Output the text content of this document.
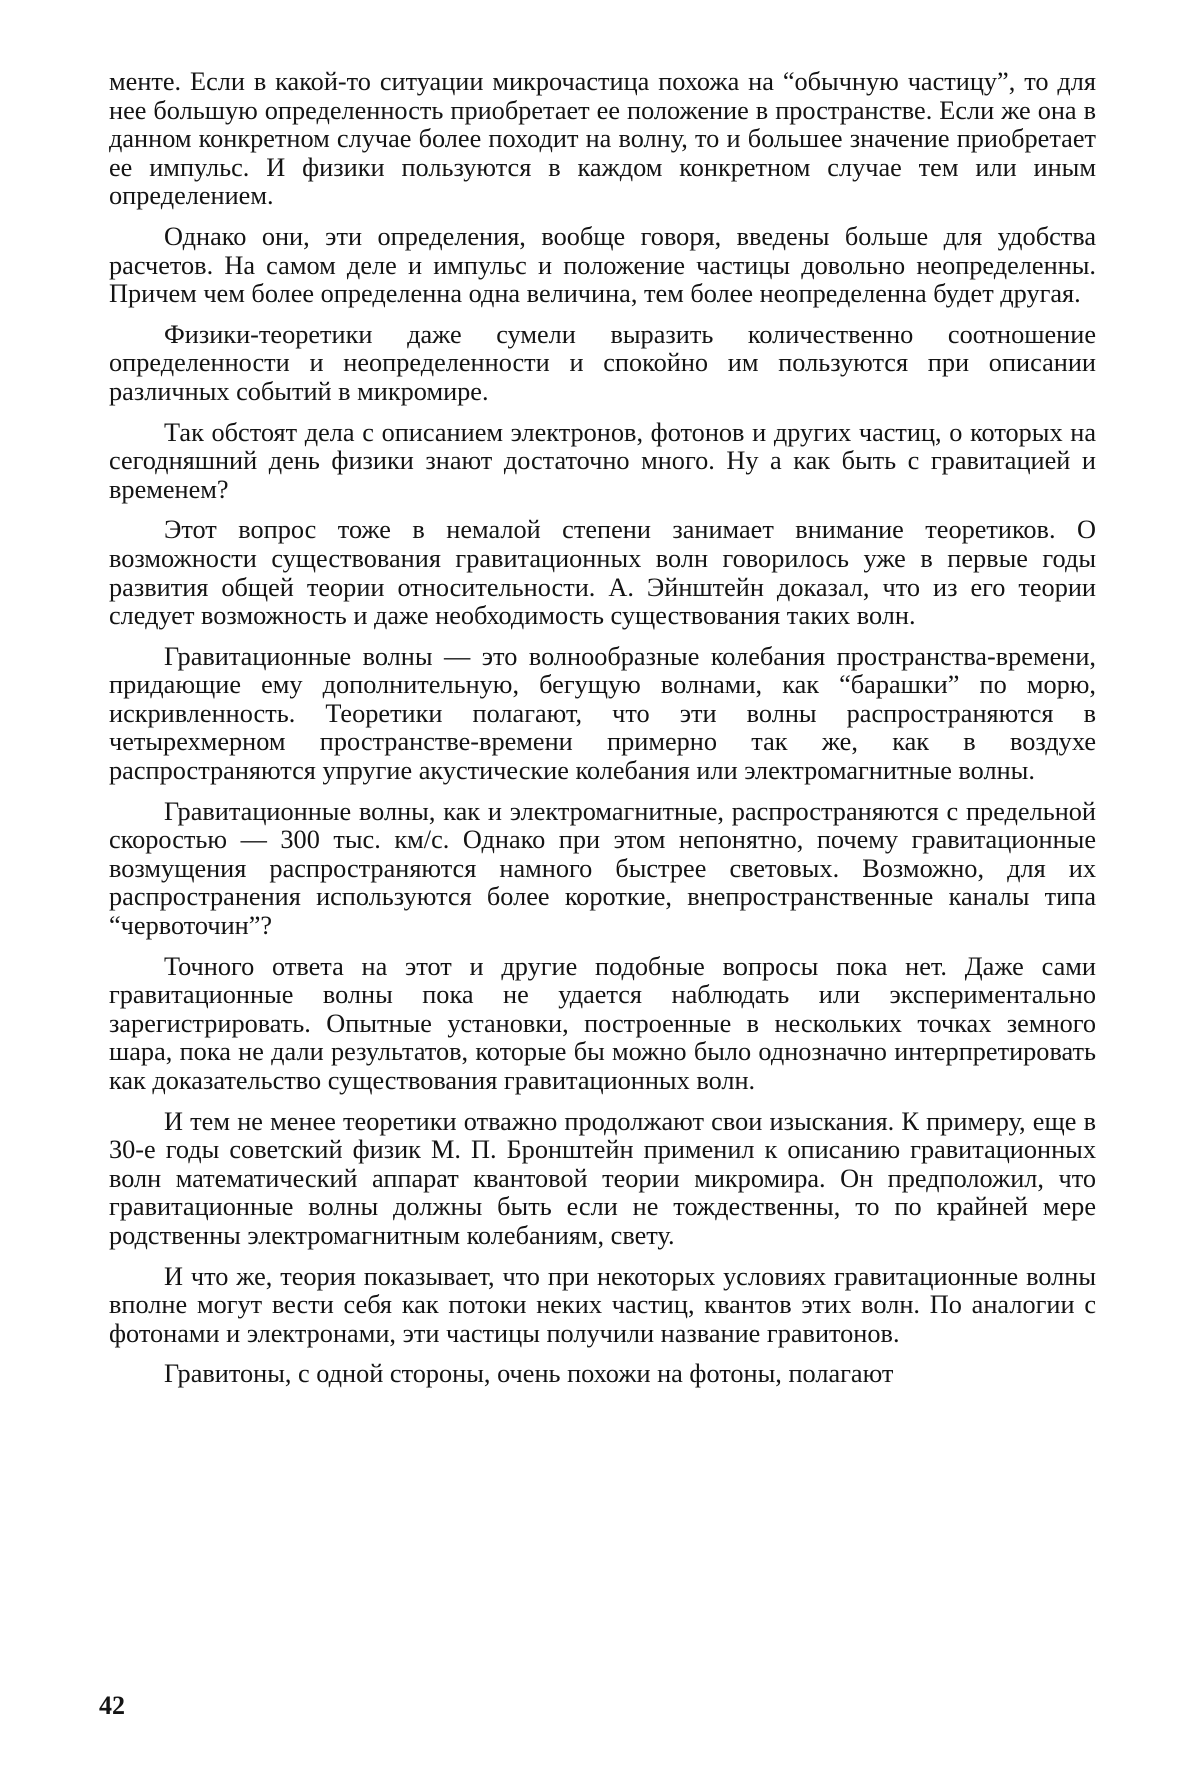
менте. Если в какой-то ситуации микрочастица похожа на “обычную частицу”, то для нее большую определенность приобретает ее положение в пространстве. Если же она в данном конкретном случае более походит на волну, то и большее значение приобретает ее импульс. И физики пользуются в каждом конкретном случае тем или иным определением.

Однако они, эти определения, вообще говоря, введены больше для удобства расчетов. На самом деле и импульс и положение частицы довольно неопределенны. Причем чем более определенна одна величина, тем более неопределенна будет другая.

Физики-теоретики даже сумели выразить количественно соотношение определенности и неопределенности и спокойно им пользуются при описании различных событий в микромире.

Так обстоят дела с описанием электронов, фотонов и других частиц, о которых на сегодняшний день физики знают достаточно много. Ну а как быть с гравитацией и временем?

Этот вопрос тоже в немалой степени занимает внимание теоретиков. О возможности существования гравитационных волн говорилось уже в первые годы развития общей теории относительности. А. Эйнштейн доказал, что из его теории следует возможность и даже необходимость существования таких волн.

Гравитационные волны — это волнообразные колебания пространства-времени, придающие ему дополнительную, бегущую волнами, как “барашки” по морю, искривленность. Теоретики полагают, что эти волны распространяются в четырехмерном пространстве-времени примерно так же, как в воздухе распространяются упругие акустические колебания или электромагнитные волны.

Гравитационные волны, как и электромагнитные, распространяются с предельной скоростью — 300 тыс. км/с. Однако при этом непонятно, почему гравитационные возмущения распространяются намного быстрее световых. Возможно, для их распространения используются более короткие, внепространственные каналы типа “червоточин”?

Точного ответа на этот и другие подобные вопросы пока нет. Даже сами гравитационные волны пока не удается наблюдать или экспериментально зарегистрировать. Опытные установки, построенные в нескольких точках земного шара, пока не дали результатов, которые бы можно было однозначно интерпретировать как доказательство существования гравитационных волн.

И тем не менее теоретики отважно продолжают свои изыскания. К примеру, еще в 30-е годы советский физик М. П. Бронштейн применил к описанию гравитационных волн математический аппарат квантовой теории микромира. Он предположил, что гравитационные волны должны быть если не тождественны, то по крайней мере родственны электромагнитным колебаниям, свету.

И что же, теория показывает, что при некоторых условиях гравитационные волны вполне могут вести себя как потоки неких частиц, квантов этих волн. По аналогии с фотонами и электронами, эти частицы получили название гравитонов.

Гравитоны, с одной стороны, очень похожи на фотоны, полагают

42
